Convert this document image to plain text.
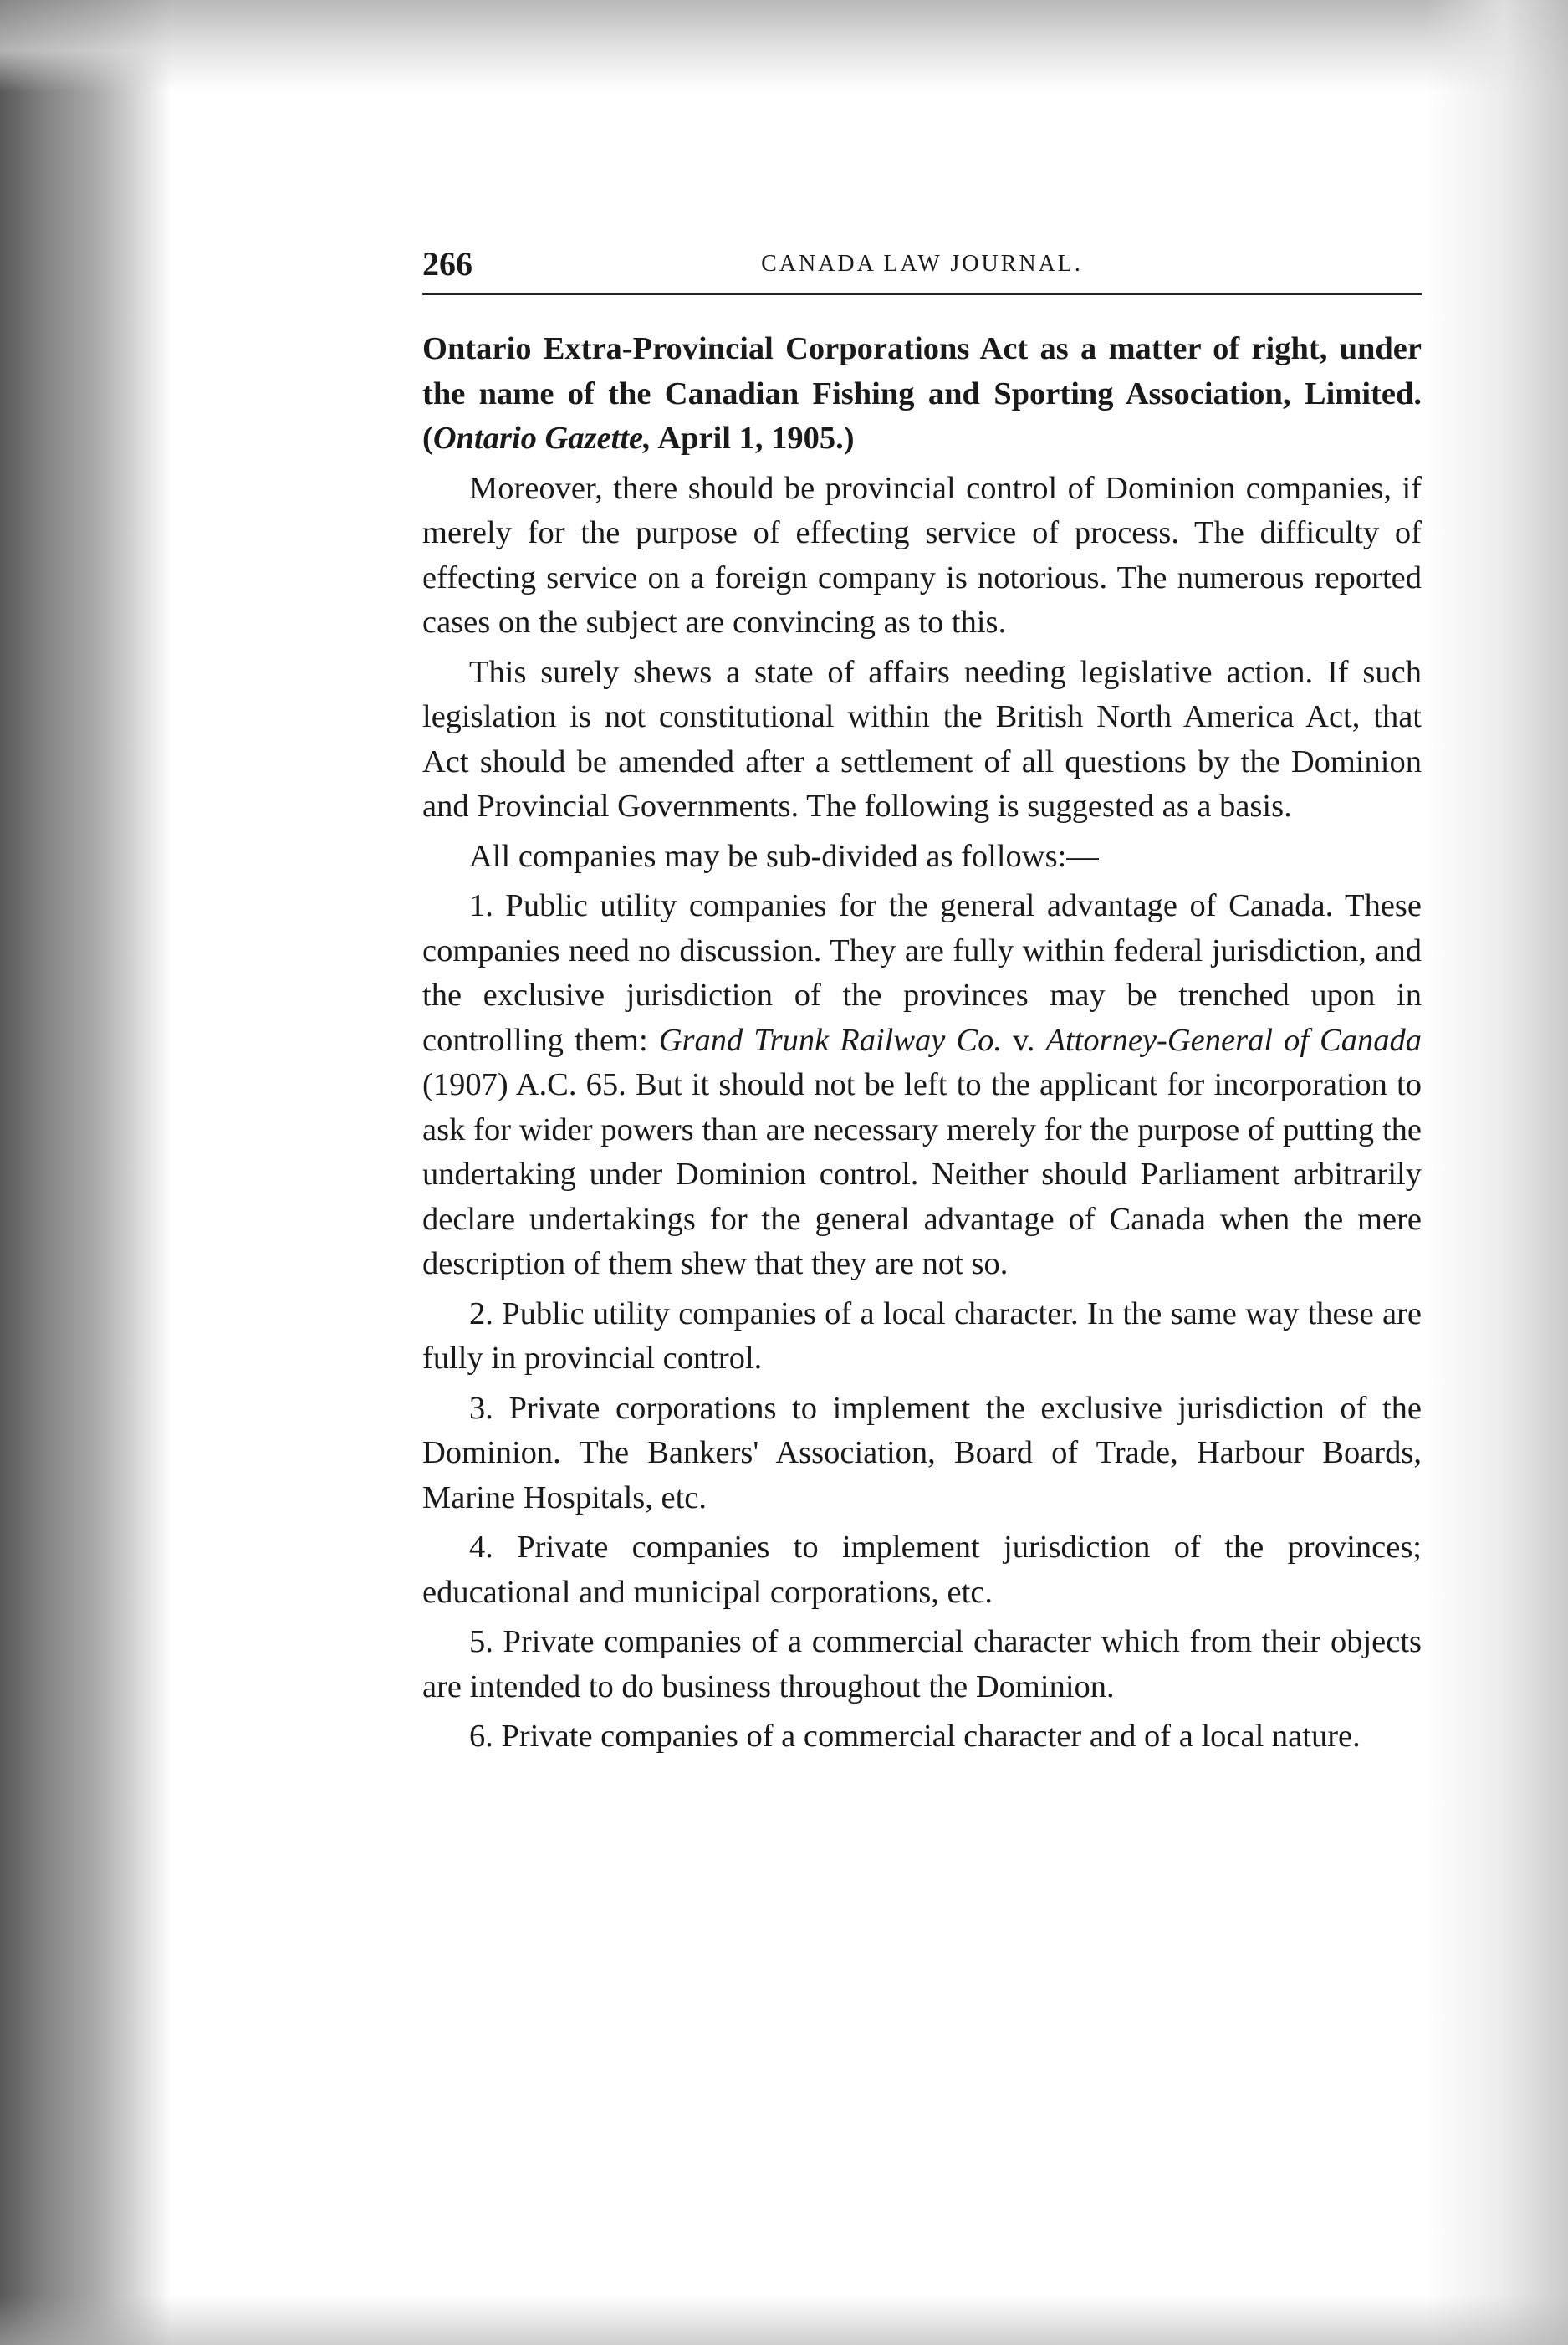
266	CANADA LAW JOURNAL.

Ontario Extra-Provincial Corporations Act as a matter of right, under the name of the Canadian Fishing and Sporting Association, Limited. (Ontario Gazette, April 1, 1905.)

Moreover, there should be provincial control of Dominion companies, if merely for the purpose of effecting service of process. The difficulty of effecting service on a foreign company is notorious. The numerous reported cases on the subject are convincing as to this.

This surely shews a state of affairs needing legislative action. If such legislation is not constitutional within the British North America Act, that Act should be amended after a settlement of all questions by the Dominion and Provincial Governments. The following is suggested as a basis.

All companies may be sub-divided as follows:—

1. Public utility companies for the general advantage of Canada. These companies need no discussion. They are fully within federal jurisdiction, and the exclusive jurisdiction of the provinces may be trenched upon in controlling them: Grand Trunk Railway Co. v. Attorney-General of Canada (1907) A.C. 65. But it should not be left to the applicant for incorporation to ask for wider powers than are necessary merely for the purpose of putting the undertaking under Dominion control. Neither should Parliament arbitrarily declare undertakings for the general advantage of Canada when the mere description of them shew that they are not so.

2. Public utility companies of a local character. In the same way these are fully in provincial control.

3. Private corporations to implement the exclusive jurisdiction of the Dominion. The Bankers' Association, Board of Trade, Harbour Boards, Marine Hospitals, etc.

4. Private companies to implement jurisdiction of the provinces; educational and municipal corporations, etc.

5. Private companies of a commercial character which from their objects are intended to do business throughout the Dominion.

6. Private companies of a commercial character and of a local nature.
